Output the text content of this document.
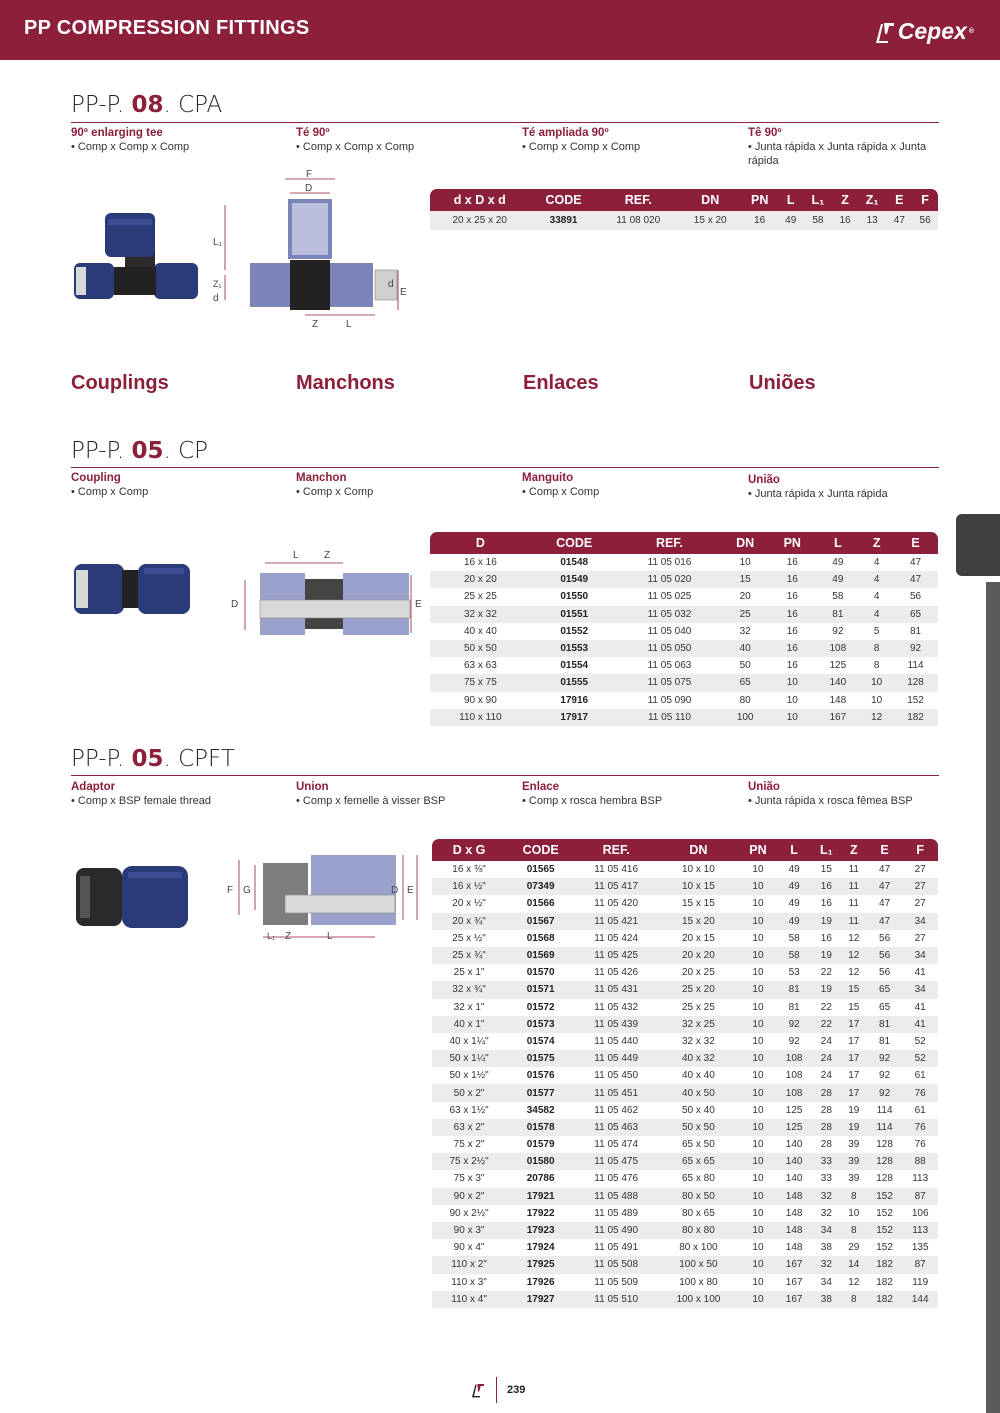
PP COMPRESSION FITTINGS	Cepex ®
PP-P. 08. CPA
90º enlarging tee
• Comp x Comp x Comp
Té 90º
• Comp x Comp x Comp
Té ampliada 90º
• Comp x Comp x Comp
Tê 90º
• Junta rápida x Junta rápida x Junta rápida
F
D
L₁
Z₁
d
d
E
Z	L
d x D x d	CODE	REF.	DN	PN	L	L₁	Z	Z₁	E	F
20 x 25 x 20	33891	11 08 020	15 x 20	16	49	58	16	13	47	56
Couplings	Manchons	Enlaces	Uniões
PP-P. 05. CP
Coupling
• Comp x Comp
Manchon
• Comp x Comp
Manguito
• Comp x Comp
União
• Junta rápida x Junta rápida
L	Z
D	E
D	CODE	REF.	DN	PN	L	Z	E
16 x 16	01548	11 05 016	10	16	49	4	47
20 x 20	01549	11 05 020	15	16	49	4	47
25 x 25	01550	11 05 025	20	16	58	4	56
32 x 32	01551	11 05 032	25	16	81	4	65
40 x 40	01552	11 05 040	32	16	92	5	81
50 x 50	01553	11 05 050	40	16	108	8	92
63 x 63	01554	11 05 063	50	16	125	8	114
75 x 75	01555	11 05 075	65	10	140	10	128
90 x 90	17916	11 05 090	80	10	148	10	152
110 x 110	17917	11 05 110	100	10	167	12	182
PP-P. 05. CPFT
Adaptor
• Comp x BSP female thread
Union
• Comp x femelle à visser BSP
Enlace
• Comp x rosca hembra BSP
União
• Junta rápida x rosca fêmea BSP
F G	D E
L₁ Z	L
D x G	CODE	REF.	DN	PN	L	L₁	Z	E	F
16 x ⅜"	01565	11 05 416	10 x 10	10	49	15	11	47	27
16 x ½"	07349	11 05 417	10 x 15	10	49	16	11	47	27
20 x ½"	01566	11 05 420	15 x 15	10	49	16	11	47	27
20 x ¾"	01567	11 05 421	15 x 20	10	49	19	11	47	34
25 x ½"	01568	11 05 424	20 x 15	10	58	16	12	56	27
25 x ¾"	01569	11 05 425	20 x 20	10	58	19	12	56	34
25 x 1"	01570	11 05 426	20 x 25	10	53	22	12	56	41
32 x ¾"	01571	11 05 431	25 x 20	10	81	19	15	65	34
32 x 1"	01572	11 05 432	25 x 25	10	81	22	15	65	41
40 x 1"	01573	11 05 439	32 x 25	10	92	22	17	81	41
40 x 1¼"	01574	11 05 440	32 x 32	10	92	24	17	81	52
50 x 1¼"	01575	11 05 449	40 x 32	10	108	24	17	92	52
50 x 1½"	01576	11 05 450	40 x 40	10	108	24	17	92	61
50 x 2"	01577	11 05 451	40 x 50	10	108	28	17	92	76
63 x 1½"	34582	11 05 462	50 x 40	10	125	28	19	114	61
63 x 2"	01578	11 05 463	50 x 50	10	125	28	19	114	76
75 x 2"	01579	11 05 474	65 x 50	10	140	28	39	128	76
75 x 2½"	01580	11 05 475	65 x 65	10	140	33	39	128	88
75 x 3"	20786	11 05 476	65 x 80	10	140	33	39	128	113
90 x 2"	17921	11 05 488	80 x 50	10	148	32	8	152	87
90 x 2½"	17922	11 05 489	80 x 65	10	148	32	10	152	106
90 x 3"	17923	11 05 490	80 x 80	10	148	34	8	152	113
90 x 4"	17924	11 05 491	80 x 100	10	148	38	29	152	135
110 x 2"	17925	11 05 508	100 x 50	10	167	32	14	182	87
110 x 3"	17926	11 05 509	100 x 80	10	167	34	12	182	119
110 x 4"	17927	11 05 510	100 x 100	10	167	38	8	182	144
239
